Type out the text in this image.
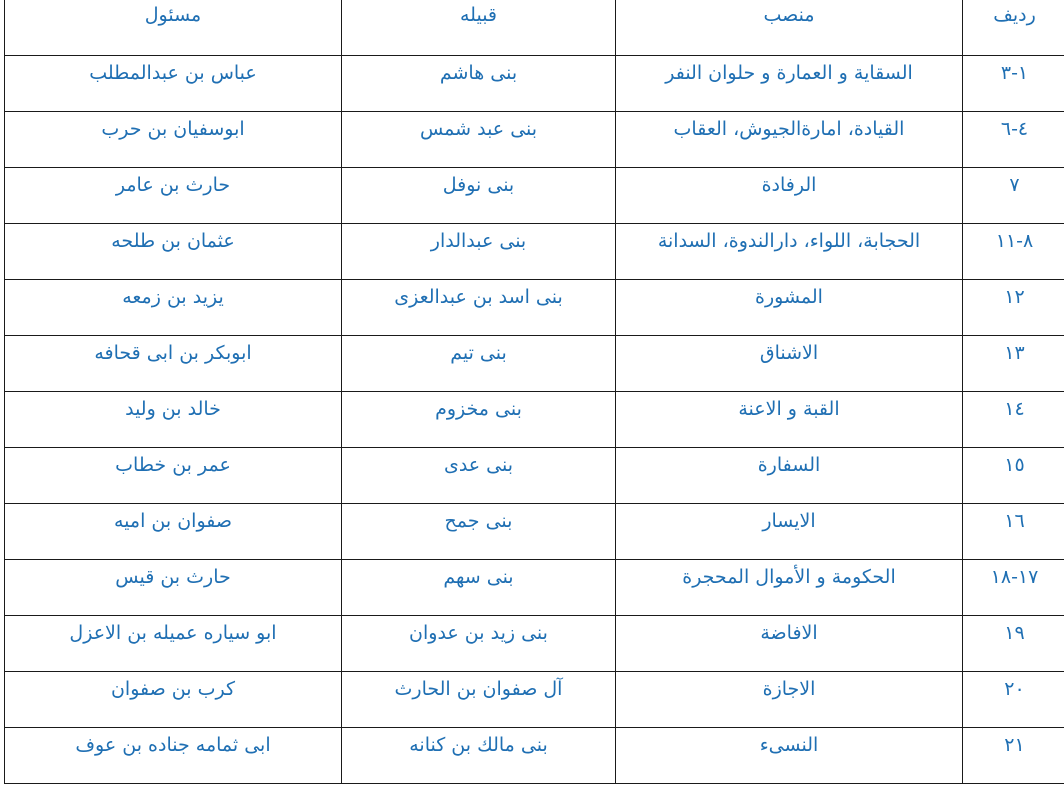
مسئول	قبیله	منصب	ردیف

عباس بن عبدالمطلب	بنی هاشم	السقایة و العمارة و حلوان النفر	١-٣

ابوسفیان بن حرب	بنی عبد شمس	القیادة، امارةالجیوش، العقاب	٤-٦

حارث بن عامر	بنی نوفل	الرفادة	٧

عثمان بن طلحه	بنی عبدالدار	الحجابة، اللواء، دارالندوة، السدانة	٨-١١

یزید بن زمعه	بنی اسد بن عبدالعزی	المشورة	١٢

ابوبکر بن ابی قحافه	بنی تیم	الاشناق	١٣

خالد بن ولید	بنی مخزوم	القبة و الاعنة	١٤

عمر بن خطاب	بنی عدی	السفارة	١٥

صفوان بن امیه	بنی جمح	الایسار	١٦

حارث بن قیس	بنی سهم	الحکومة و الأموال المحجرة	١٧-١٨

ابو سیاره عمیله بن الاعزل	بنی زید بن عدوان	الافاضة	١٩

کرب بن صفوان	آل صفوان بن الحارث	الاجازة	٢٠

ابی ثمامه جناده بن عوف	بنی مالك بن کنانه	النسیء	٢١
